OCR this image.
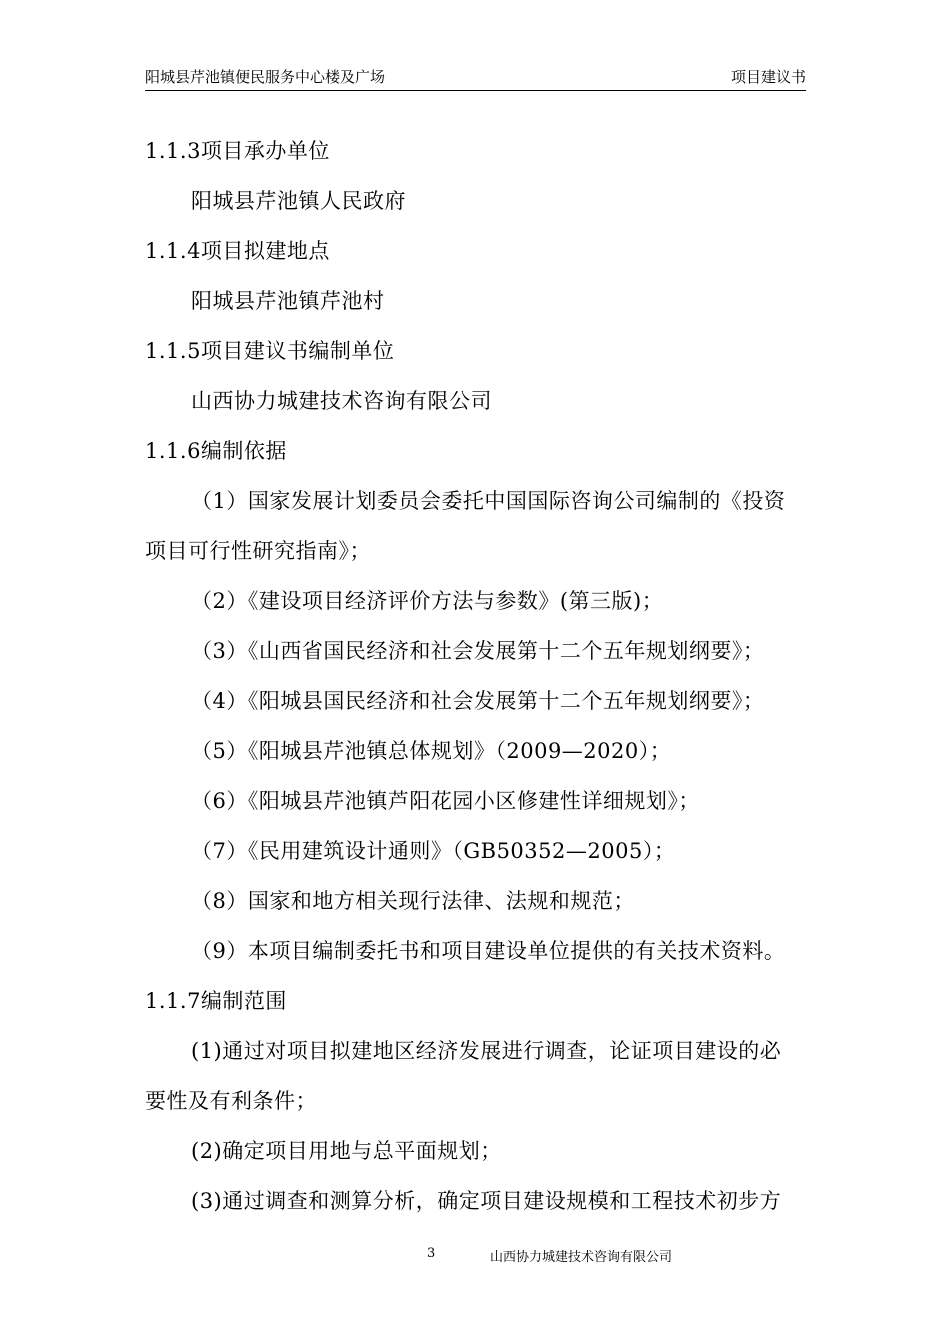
阳城县芹池镇便民服务中心楼及广场	项目建议书
1.1.3项目承办单位
阳城县芹池镇人民政府
1.1.4项目拟建地点
阳城县芹池镇芹池村
1.1.5项目建议书编制单位
山西协力城建技术咨询有限公司
1.1.6编制依据
（1）国家发展计划委员会委托中国国际咨询公司编制的《投资
项目可行性研究指南》；
（2）《建设项目经济评价方法与参数》(第三版)；
（3）《山西省国民经济和社会发展第十二个五年规划纲要》；
（4）《阳城县国民经济和社会发展第十二个五年规划纲要》；
（5）《阳城县芹池镇总体规划》（2009—2020）；
（6）《阳城县芹池镇芦阳花园小区修建性详细规划》；
（7）《民用建筑设计通则》（GB50352—2005）；
（8）国家和地方相关现行法律、法规和规范；
（9）本项目编制委托书和项目建设单位提供的有关技术资料。
1.1.7编制范围
(1)通过对项目拟建地区经济发展进行调查，论证项目建设的必
要性及有利条件；
(2)确定项目用地与总平面规划；
(3)通过调查和测算分析，确定项目建设规模和工程技术初步方
3	山西协力城建技术咨询有限公司
